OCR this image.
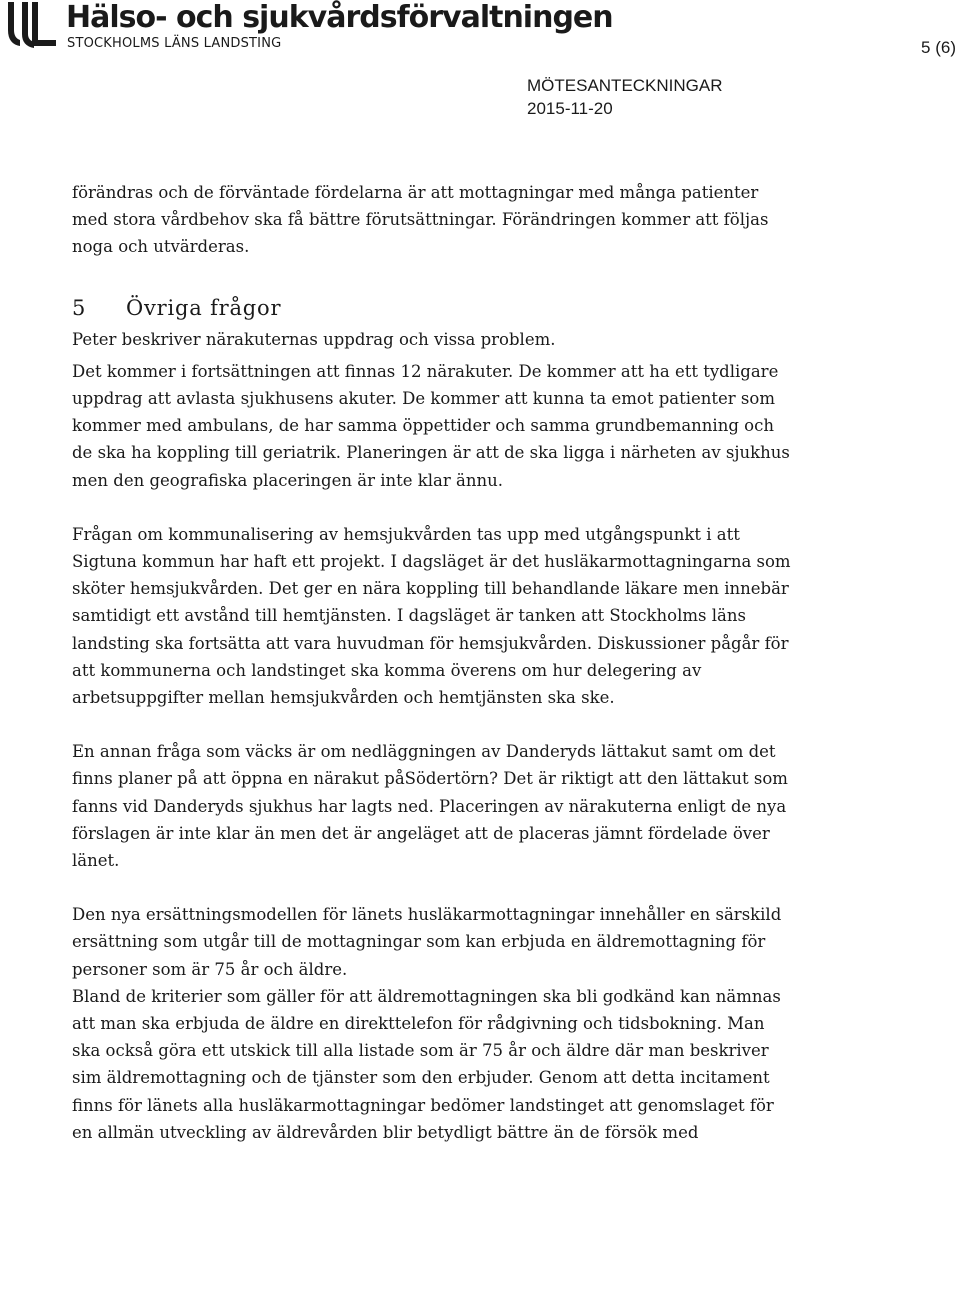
Hälso- och sjukvårdsförvaltningen
STOCKHOLMS LÄNS LANDSTING	5 (6)
MÖTESANTECKNINGAR
2015-11-20

förändras och de förväntade fördelarna är att mottagningar med många patienter med stora vårdbehov ska få bättre förutsättningar. Förändringen kommer att följas noga och utvärderas.

5 Övriga frågor

Peter beskriver närakuternas uppdrag och vissa problem.

Det kommer i fortsättningen att finnas 12 närakuter. De kommer att ha ett tydligare uppdrag att avlasta sjukhusens akuter. De kommer att kunna ta emot patienter som kommer med ambulans, de har samma öppettider och samma grundbemanning och de ska ha koppling till geriatrik. Planeringen är att de ska ligga i närheten av sjukhus men den geografiska placeringen är inte klar ännu.

Frågan om kommunalisering av hemsjukvården tas upp med utgångspunkt i att Sigtuna kommun har haft ett projekt. I dagsläget är det husläkarmottagningarna som sköter hemsjukvården. Det ger en nära koppling till behandlande läkare men innebär samtidigt ett avstånd till hemtjänsten. I dagsläget är tanken att Stockholms läns landsting ska fortsätta att vara huvudman för hemsjukvården. Diskussioner pågår för att kommunerna och landstinget ska komma överens om hur delegering av arbetsuppgifter mellan hemsjukvården och hemtjänsten ska ske.

En annan fråga som väcks är om nedläggningen av Danderyds lättakut samt om det finns planer på att öppna en närakut påSödertörn? Det är riktigt att den lättakut som fanns vid Danderyds sjukhus har lagts ned. Placeringen av närakuterna enligt de nya förslagen är inte klar än men det är angeläget att de placeras jämnt fördelade över länet.

Den nya ersättningsmodellen för länets husläkarmottagningar innehåller en särskild ersättning som utgår till de mottagningar som kan erbjuda en äldremottagning för personer som är 75 år och äldre.

Bland de kriterier som gäller för att äldremottagningen ska bli godkänd kan nämnas att man ska erbjuda de äldre en direkttelefon för rådgivning och tidsbokning. Man ska också göra ett utskick till alla listade som är 75 år och äldre där man beskriver sim äldremottagning och de tjänster som den erbjuder. Genom att detta incitament finns för länets alla husläkarmottagningar bedömer landstinget att genomslaget för en allmän utveckling av äldrevården blir betydligt bättre än de försök med
